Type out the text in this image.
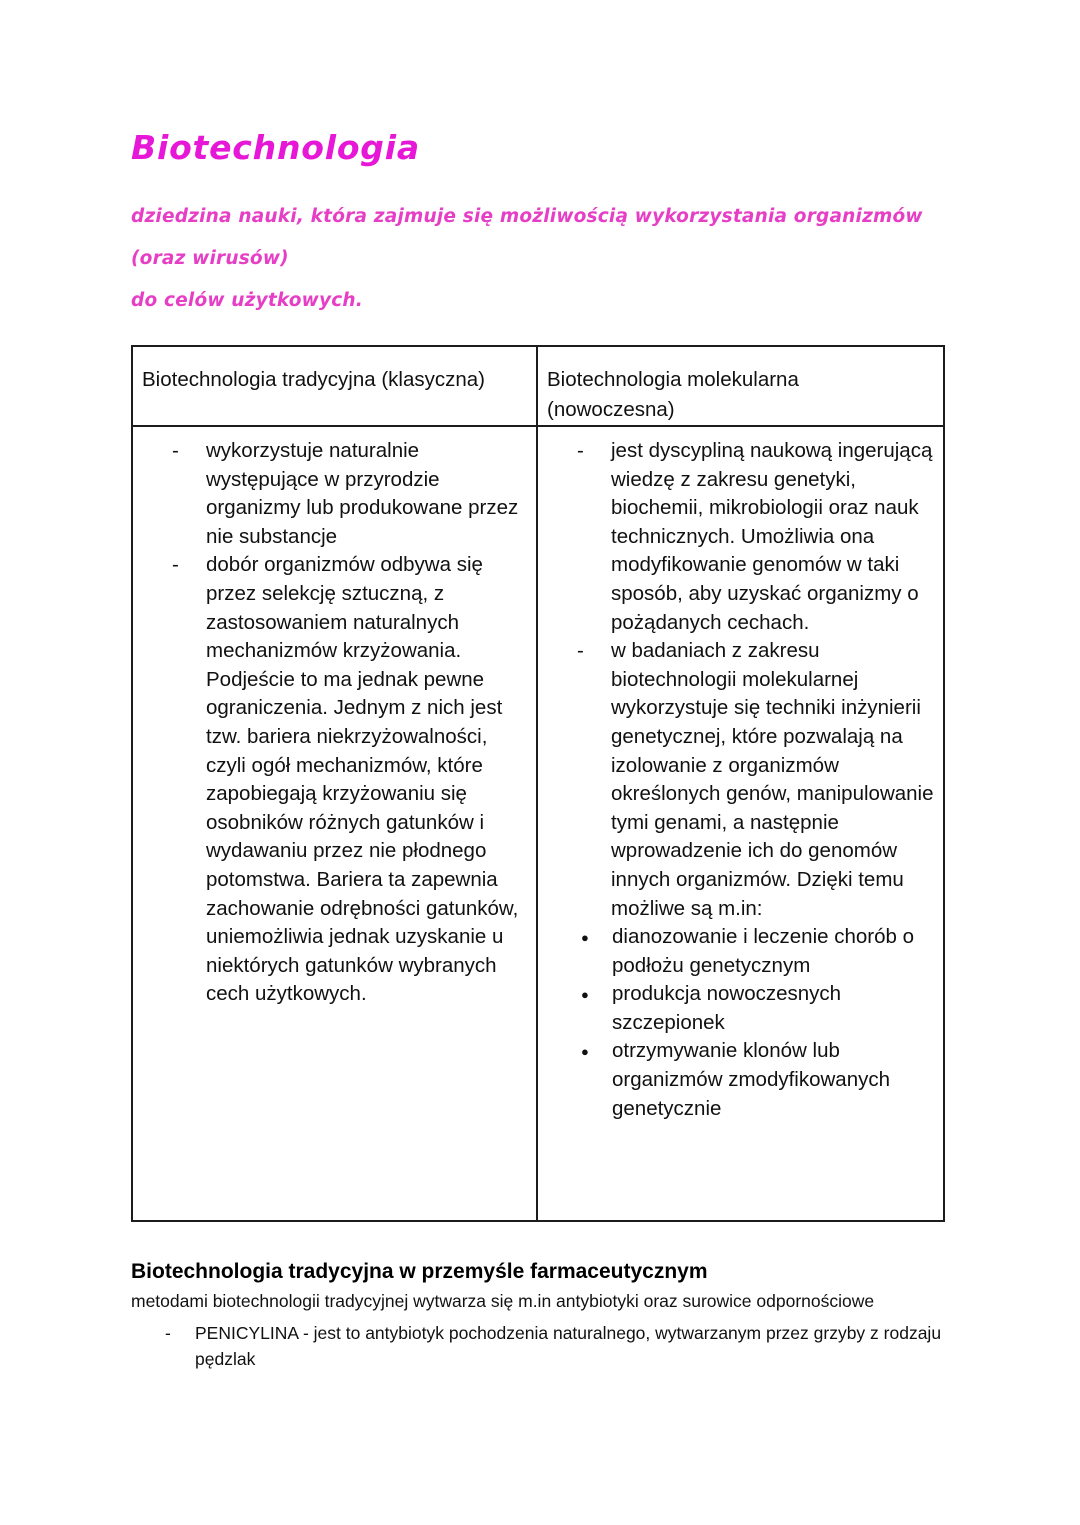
Biotechnologia
dziedzina nauki, która zajmuje się możliwością wykorzystania organizmów (oraz wirusów)
do celów użytkowych.
Biotechnologia tradycyjna (klasyczna)	Biotechnologia molekularna
(nowoczesna)
- wykorzystuje naturalnie występujące w przyrodzie organizmy lub produkowane przez nie substancje
- dobór organizmów odbywa się przez selekcję sztuczną, z zastosowaniem naturalnych mechanizmów krzyżowania. Podjeście to ma jednak pewne ograniczenia. Jednym z nich jest tzw. bariera niekrzyżowalności, czyli ogół mechanizmów, które zapobiegają krzyżowaniu się osobników różnych gatunków i wydawaniu przez nie płodnego potomstwa. Bariera ta zapewnia zachowanie odrębności gatunków, uniemożliwia jednak uzyskanie u niektórych gatunków wybranych cech użytkowych.
- jest dyscypliną naukową ingerującą wiedzę z zakresu genetyki, biochemii, mikrobiologii oraz nauk technicznych. Umożliwia ona modyfikowanie genomów w taki sposób, aby uzyskać organizmy o pożądanych cechach.
- w badaniach z zakresu biotechnologii molekularnej wykorzystuje się techniki inżynierii genetycznej, które pozwalają na izolowanie z organizmów określonych genów, manipulowanie tymi genami, a następnie wprowadzenie ich do genomów innych organizmów. Dzięki temu możliwe są m.in:
● dianozowanie i leczenie chorób o podłożu genetycznym
● produkcja nowoczesnych szczepionek
● otrzymywanie klonów lub organizmów zmodyfikowanych genetycznie
Biotechnologia tradycyjna w przemyśle farmaceutycznym

metodami biotechnologii tradycyjnej wytwarza się m.in antybiotyki oraz surowice odpornościowe

- PENICYLINA - jest to antybiotyk pochodzenia naturalnego, wytwarzanym przez grzyby z rodzaju pędzlak
